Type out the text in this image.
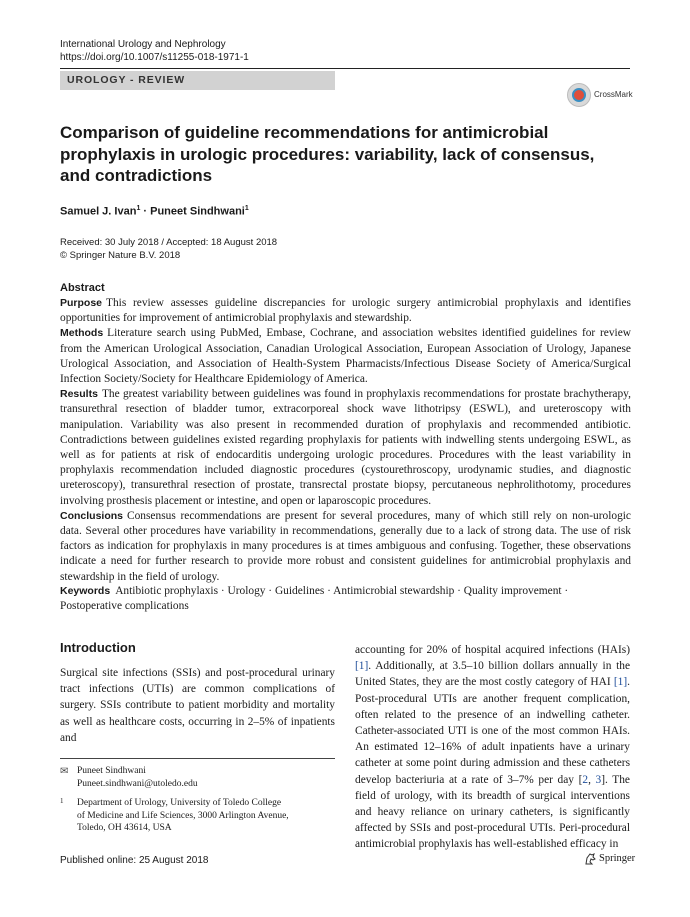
International Urology and Nephrology
https://doi.org/10.1007/s11255-018-1971-1
UROLOGY - REVIEW
CrossMark
Comparison of guideline recommendations for antimicrobial prophylaxis in urologic procedures: variability, lack of consensus, and contradictions
Samuel J. Ivan$^1$ · Puneet Sindhwani$^1$
Received: 30 July 2018 / Accepted: 18 August 2018
© Springer Nature B.V. 2018
Abstract

Purpose This review assesses guideline discrepancies for urologic surgery antimicrobial prophylaxis and identifies opportunities for improvement of antimicrobial prophylaxis and stewardship.

Methods Literature search using PubMed, Embase, Cochrane, and association websites identified guidelines for review from the American Urological Association, Canadian Urological Association, European Association of Urology, Japanese Urological Association, and Association of Health-System Pharmacists/Infectious Disease Society of America/Surgical Infection Society/Society for Healthcare Epidemiology of America.

Results The greatest variability between guidelines was found in prophylaxis recommendations for prostate brachytherapy, transurethral resection of bladder tumor, extracorporeal shock wave lithotripsy (ESWL), and ureteroscopy with manipulation. Variability was also present in recommended duration of prophylaxis and recommended antibiotic. Contradictions between guidelines existed regarding prophylaxis for patients with indwelling stents undergoing ESWL, as well as for patients at risk of endocarditis undergoing urologic procedures. Procedures with the least variability in prophylaxis recommendation included diagnostic procedures (cystourethroscopy, urodynamic studies, and diagnostic ureteroscopy), transurethral resection of prostate, transrectal prostate biopsy, percutaneous nephrolithotomy, procedures involving prosthesis placement or intestine, and open or laparoscopic procedures.

Conclusions Consensus recommendations are present for several procedures, many of which still rely on non-urologic data. Several other procedures have variability in recommendations, generally due to a lack of strong data. The use of risk factors as indication for prophylaxis in many procedures is at times ambiguous and confusing. Together, these observations indicate a need for further research to provide more robust and consistent guidelines for antimicrobial prophylaxis and stewardship in the field of urology.

Keywords Antibiotic prophylaxis · Urology · Guidelines · Antimicrobial stewardship · Quality improvement · Postoperative complications
Introduction

Surgical site infections (SSIs) and post-procedural urinary tract infections (UTIs) are common complications of surgery. SSIs contribute to patient morbidity and mortality as well as healthcare costs, occurring in 2–5% of inpatients and

accounting for 20% of hospital acquired infections (HAIs) [1]. Additionally, at 3.5–10 billion dollars annually in the United States, they are the most costly category of HAI [1]. Post-procedural UTIs are another frequent complication, often related to the presence of an indwelling catheter. Catheter-associated UTI is one of the most common HAIs. An estimated 12–16% of adult inpatients have a urinary catheter at some point during admission and these catheters develop bacteriuria at a rate of 3–7% per day [2, 3]. The field of urology, with its breadth of surgical interventions and heavy reliance on urinary catheters, is significantly affected by SSIs and post-procedural UTIs. Peri-procedural antimicrobial prophylaxis has well-established efficacy in

✉ Puneet Sindhwani
Puneet.sindhwani@utoledo.edu
1 Department of Urology, University of Toledo College
of Medicine and Life Sciences, 3000 Arlington Avenue,
Toledo, OH 43614, USA
Published online: 25 August 2018	Springer
